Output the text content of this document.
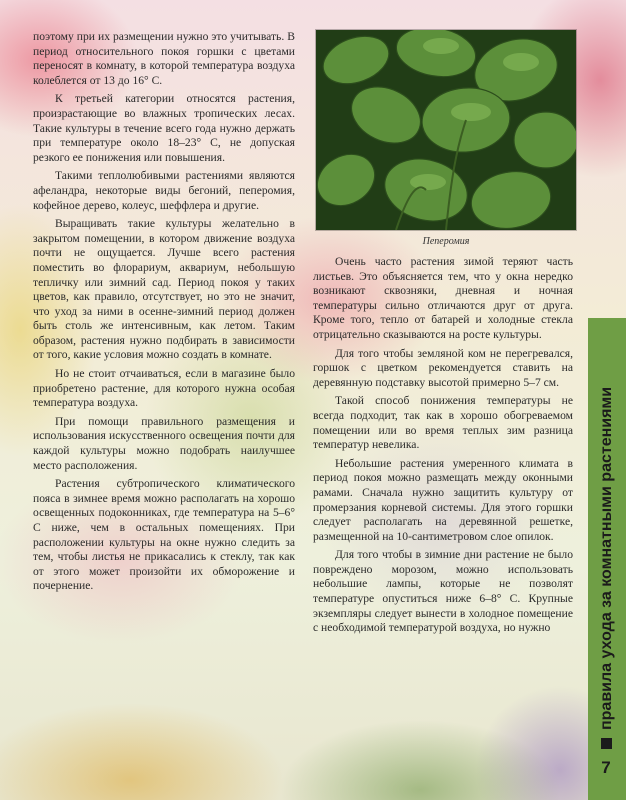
поэтому при их размещении нужно это учитывать. В период относительного покоя горшки с цветами переносят в комнату, в которой температура воздуха колеблется от 13 до 16° С.

К третьей категории относятся растения, произрастающие во влажных тропических лесах. Такие культуры в течение всего года нужно держать при температуре около 18–23° С, не допуская резкого ее понижения или повышения.

Такими теплолюбивыми растениями являются афеландра, некоторые виды бегоний, пеперомия, кофейное дерево, колеус, шеффлера и другие.

Выращивать такие культуры желательно в закрытом помещении, в котором движение воздуха почти не ощущается. Лучше всего растения поместить во флорариум, аквариум, небольшую тепличку или зимний сад. Период покоя у таких цветов, как правило, отсутствует, но это не значит, что уход за ними в осенне-зимний период должен быть столь же интенсивным, как летом. Таким образом, растения нужно подбирать в зависимости от того, какие условия можно создать в комнате.

Но не стоит отчаиваться, если в магазине было приобретено растение, для которого нужна особая температура воздуха.

При помощи правильного размещения и использования искусственного освещения почти для каждой культуры можно подобрать наилучшее место расположения.

Растения субтропического климатического пояса в зимнее время можно располагать на хорошо освещенных подоконниках, где температура на 5–6° С ниже, чем в остальных помещениях. При расположении культуры на окне нужно следить за тем, чтобы листья не прикасались к стеклу, так как от этого может произойти их обморожение и почернение.

Пеперомия

Очень часто растения зимой теряют часть листьев. Это объясняется тем, что у окна нередко возникают сквозняки, дневная и ночная температуры сильно отличаются друг от друга. Кроме того, тепло от батарей и холодные стекла отрицательно сказываются на росте культуры.

Для того чтобы земляной ком не перегревался, горшок с цветком рекомендуется ставить на деревянную подставку высотой примерно 5–7 см.

Такой способ понижения температуры не всегда подходит, так как в хорошо обогреваемом помещении или во время теплых зим разница температур невелика.

Небольшие растения умеренного климата в период покоя можно размещать между оконными рамами. Сначала нужно защитить культуру от промерзания корневой системы. Для этого горшки следует располагать на деревянной решетке, размещенной на 10-сантиметровом слое опилок.

Для того чтобы в зимние дни растение не было повреждено морозом, можно использовать небольшие лампы, которые не позволят температуре опуститься ниже 6–8° С. Крупные экземпляры следует вынести в холодное помещение с необходимой температурой воздуха, но нужно	правила ухода за комнатными растениями
7
